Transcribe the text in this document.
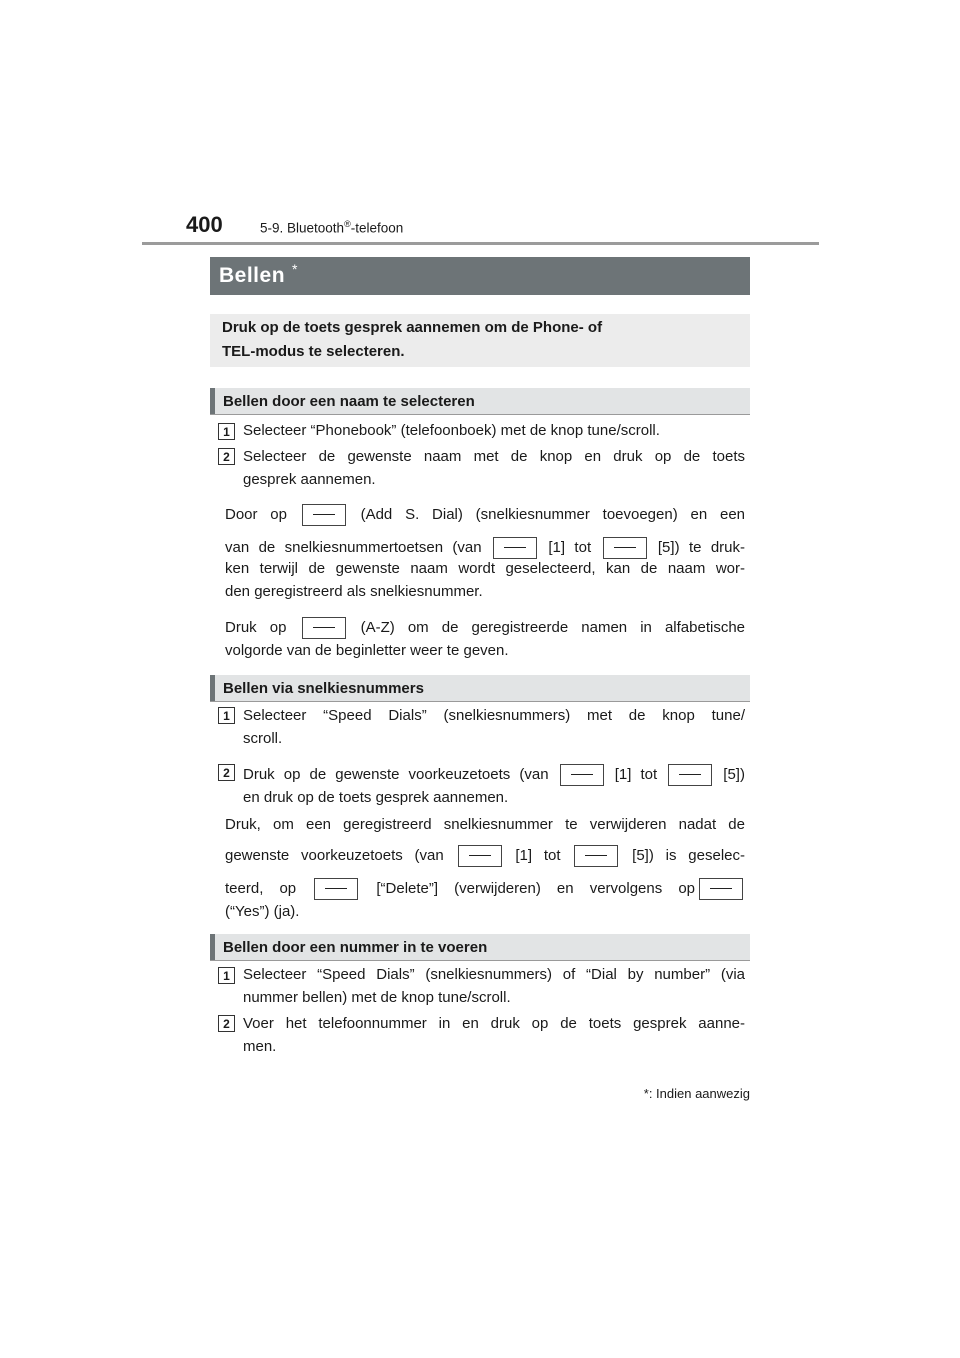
400	5-9. Bluetooth®-telefoon
Bellen *
Druk op de toets gesprek aannemen om de Phone- of
TEL-modus te selecteren.
Bellen door een naam te selecteren
1 Selecteer “Phonebook” (telefoonboek) met de knop tune/scroll.
2 Selecteer de gewenste naam met de knop en druk op de toets
gesprek aannemen.
Door op	(Add S. Dial) (snelkiesnummer toevoegen) en een
van de snelkiesnummertoetsen (van	[1] tot	[5]) te druk-
ken terwijl de gewenste naam wordt geselecteerd, kan de naam wor-
den geregistreerd als snelkiesnummer.
Druk op	(A-Z) om de geregistreerde namen in alfabetische
volgorde van de beginletter weer te geven.
Bellen via snelkiesnummers
1 Selecteer “Speed Dials” (snelkiesnummers) met de knop tune/
scroll.
2 Druk op de gewenste voorkeuzetoets (van	[1] tot	[5])
en druk op de toets gesprek aannemen.
Druk, om een geregistreerd snelkiesnummer te verwijderen nadat de
gewenste voorkeuzetoets (van	[1] tot	[5]) is geselec-
teerd, op	[“Delete”] (verwijderen) en vervolgens op
(“Yes”) (ja).
Bellen door een nummer in te voeren
1 Selecteer “Speed Dials” (snelkiesnummers) of “Dial by number” (via
nummer bellen) met de knop tune/scroll.
2 Voer het telefoonnummer in en druk op de toets gesprek aanne-
men.
*: Indien aanwezig
